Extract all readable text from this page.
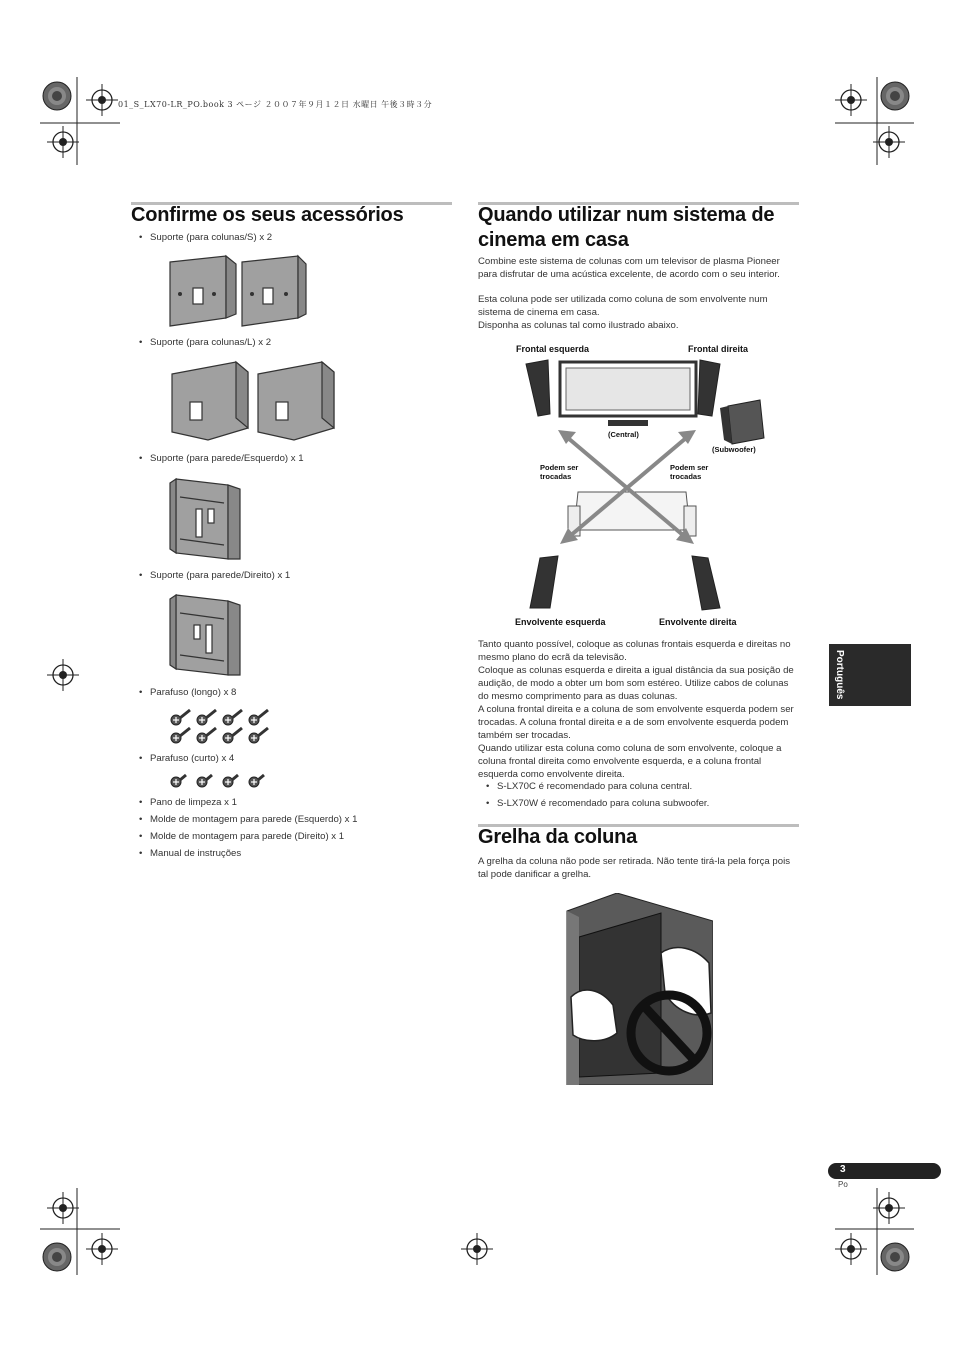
01_S_LX70-LR_PO.book 3 ページ ２００７年９月１２日 水曜日 午後３時３分
Confirme os seus acessórios
• Suporte (para colunas/S) x 2
• Suporte (para colunas/L) x 2
• Suporte (para parede/Esquerdo) x 1
• Suporte (para parede/Direito) x 1
• Parafuso (longo) x 8
• Parafuso (curto) x 4
• Pano de limpeza x 1
• Molde de montagem para parede (Esquerdo) x 1
• Molde de montagem para parede (Direito) x 1
• Manual de instruções
Quando utilizar num sistema de cinema em casa
Combine este sistema de colunas com um televisor de plasma Pioneer para disfrutar de uma acústica excelente, de acordo com o seu interior.
Esta coluna pode ser utilizada como coluna de som envolvente num sistema de cinema em casa.
Disponha as colunas tal como ilustrado abaixo.
Frontal esquerda	Frontal direita
(Central)
(Subwoofer)
Podem ser trocadas
Podem ser trocadas
Envolvente esquerda	Envolvente direita
Tanto quanto possível, coloque as colunas frontais esquerda e direitas no mesmo plano do ecrã da televisão.
Coloque as colunas esquerda e direita a igual distância da sua posição de audição, de modo a obter um bom som estéreo. Utilize cabos de colunas do mesmo comprimento para as duas colunas.
A coluna frontal direita e a coluna de som envolvente esquerda podem ser trocadas. A coluna frontal direita e a de som envolvente esquerda podem também ser trocadas.
Quando utilizar esta coluna como coluna de som envolvente, coloque a coluna frontal direita como envolvente esquerda, e a coluna frontal esquerda como envolvente direita.
• S-LX70C é recomendado para coluna central.
• S-LX70W é recomendado para coluna subwoofer.
Grelha da coluna
A grelha da coluna não pode ser retirada. Não tente tirá-la pela força pois tal pode danificar a grelha.
Português
3
Po
